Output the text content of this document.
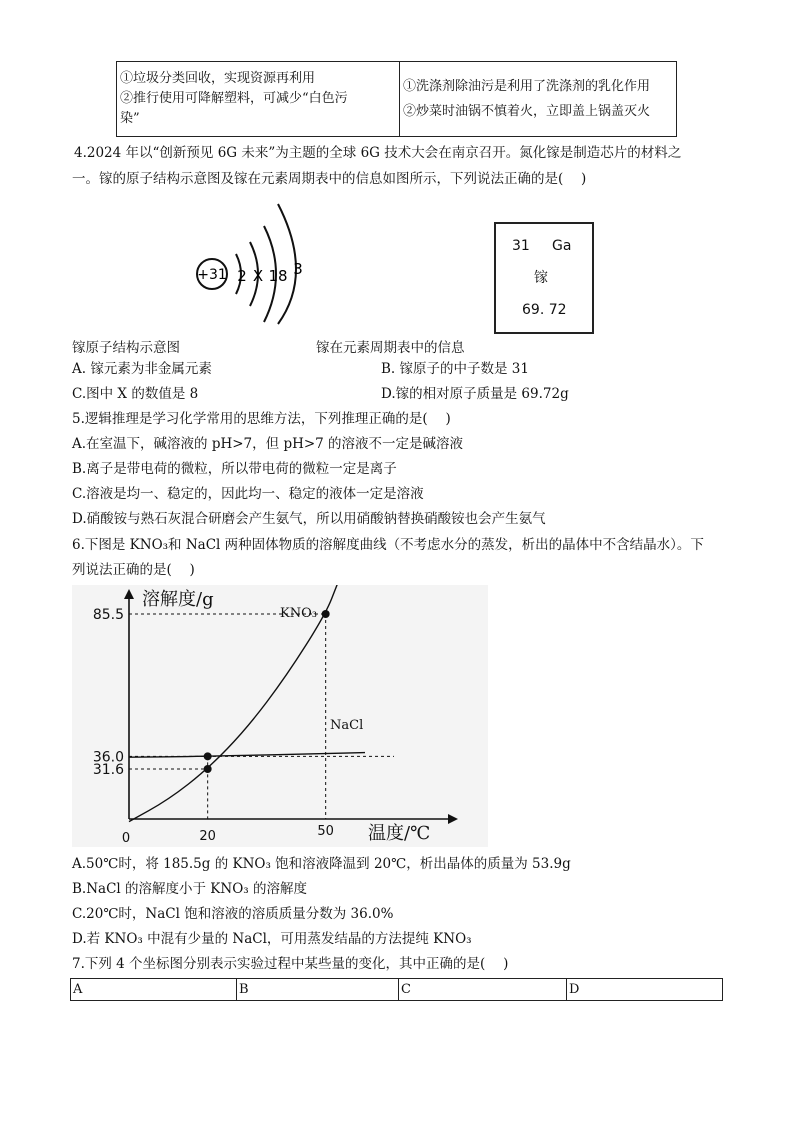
①垃圾分类回收，实现资源再利用
②推行使用可降解塑料，可减少“白色污
染”

①洗涤剂除油污是利用了洗涤剂的乳化作用
②炒菜时油锅不慎着火，立即盖上锅盖灭火
4.2024 年以“创新预见 6G 未来”为主题的全球 6G 技术大会在南京召开。氮化镓是制造芯片的材料之
一。镓的原子结构示意图及镓在元素周期表中的信息如图所示，下列说法正确的是(　 )
+31 2 X 18 3
31 Ga
镓
69. 72
镓原子结构示意图	镓在元素周期表中的信息
A. 镓元素为非金属元素	B. 镓原子的中子数是 31
C.图中 X 的数值是 8	D.镓的相对原子质量是 69.72g
5.逻辑推理是学习化学常用的思维方法，下列推理正确的是(　 )
A.在室温下，碱溶液的 pH>7，但 pH>7 的溶液不一定是碱溶液
B.离子是带电荷的微粒，所以带电荷的微粒一定是离子
C.溶液是均一、稳定的，因此均一、稳定的液体一定是溶液
D.硝酸铵与熟石灰混合研磨会产生氨气，所以用硝酸钠替换硝酸铵也会产生氨气
6.下图是 KNO₃和 NaCl 两种固体物质的溶解度曲线（不考虑水分的蒸发，析出的晶体中不含结晶水）。下
列说法正确的是(　 )
溶解度/g
温度/℃
0	20	50
31.6
36.0
85.5	KNO₃
NaCl
A.50℃时，将 185.5g 的 KNO₃ 饱和溶液降温到 20℃，析出晶体的质量为 53.9g
B.NaCl 的溶解度小于 KNO₃ 的溶解度
C.20℃时，NaCl 饱和溶液的溶质质量分数为 36.0%
D.若 KNO₃ 中混有少量的 NaCl，可用蒸发结晶的方法提纯 KNO₃
7.下列 4 个坐标图分别表示实验过程中某些量的变化，其中正确的是(　 )
A	B	C	D
